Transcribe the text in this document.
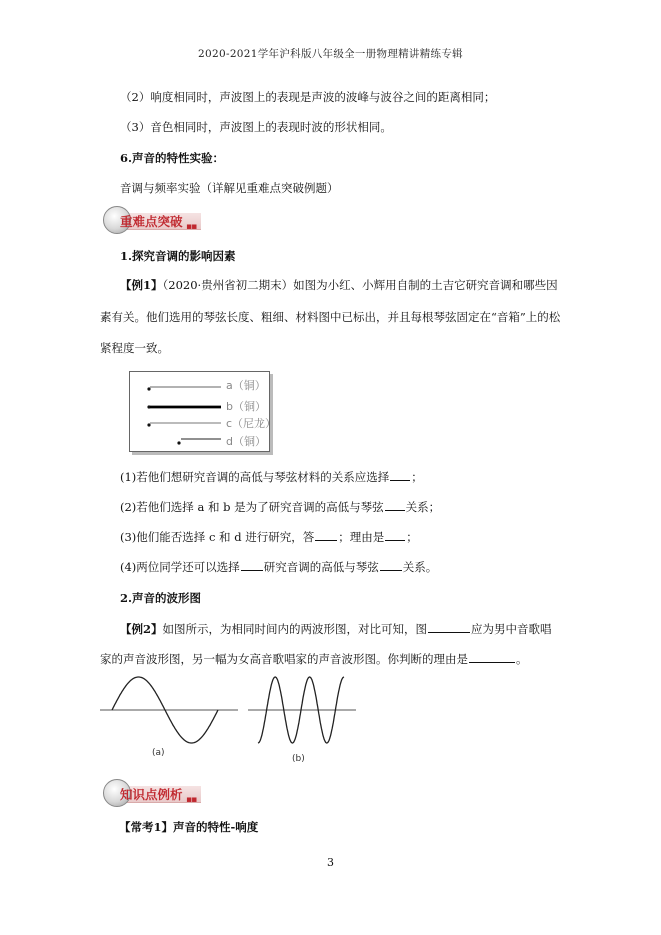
2020-2021学年沪科版八年级全一册物理精讲精练专辑
（2）响度相同时，声波图上的表现是声波的波峰与波谷之间的距离相同；
（3）音色相同时，声波图上的表现时波的形状相同。
6.声音的特性实验：
音调与频率实验（详解见重难点突破例题）
重难点突破 ▪▪
1.探究音调的影响因素
【例1】（2020·贵州省初二期末）如图为小红、小辉用自制的土吉它研究音调和哪些因
素有关。他们选用的琴弦长度、粗细、材料图中已标出，并且每根琴弦固定在“音箱”上的松
紧程度一致。
a（铜）
b（铜）
c（尼龙）
d（铜）
(1)若他们想研究音调的高低与琴弦材料的关系应选择 ；
(2)若他们选择 a 和 b 是为了研究音调的高低与琴弦 关系；
(3)他们能否选择 c 和 d 进行研究，答 ；理由是 ；
(4)两位同学还可以选择 研究音调的高低与琴弦 关系。
2.声音的波形图
【例2】如图所示，为相同时间内的两波形图，对比可知，图	应为男中音歌唱
家的声音波形图，另一幅为女高音歌唱家的声音波形图。你判断的理由是	。
(a)
(b)
知识点例析 ▪▪
【常考1】声音的特性-响度
3
